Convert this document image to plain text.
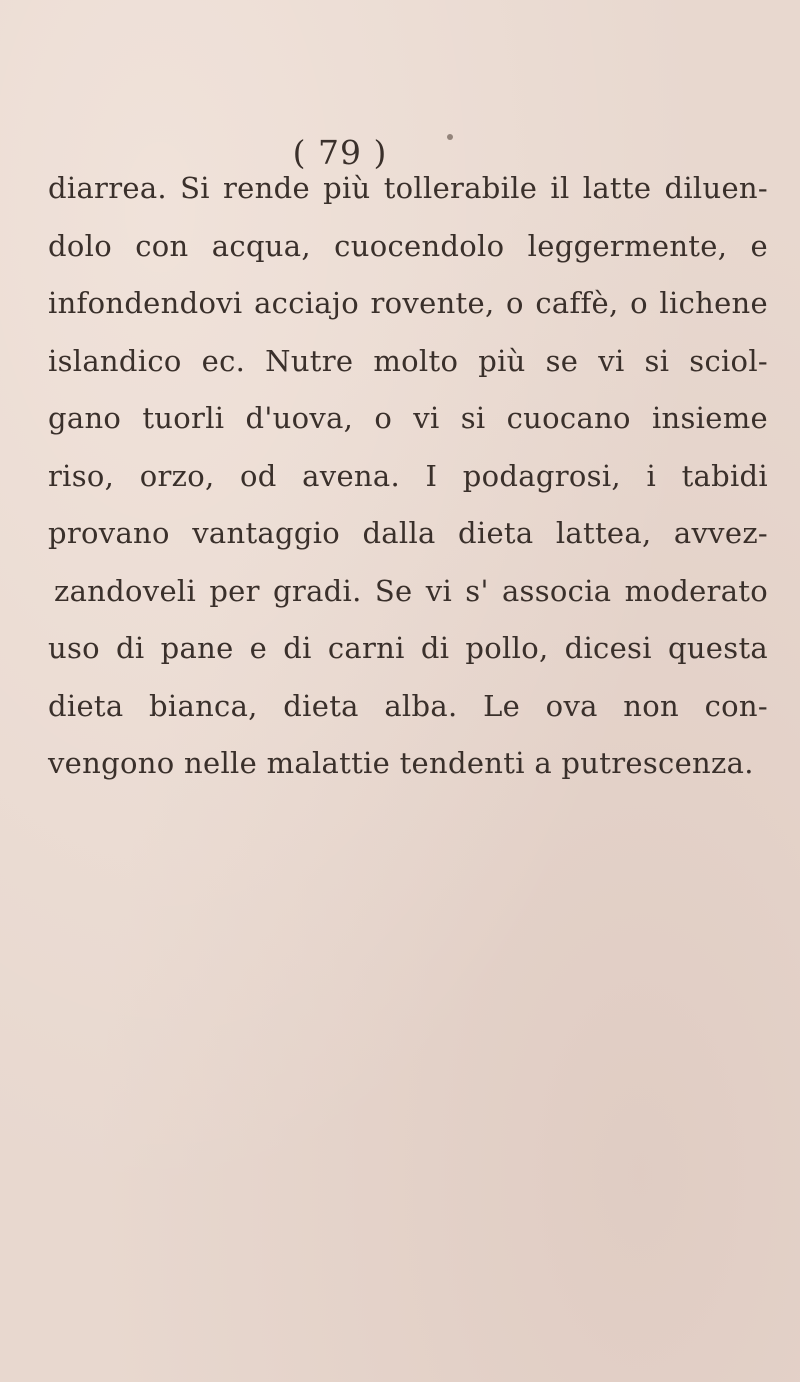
( 79 )
diarrea. Si rende più tollerabile il latte diluen-
dolo con acqua, cuocendolo leggermente, e
infondendovi acciajo rovente, o caffè, o lichene
islandico ec. Nutre molto più se vi si sciol-
gano tuorli d'uova, o vi si cuocano insieme
riso, orzo, od avena. I podagrosi, i tabidi
provano vantaggio dalla dieta lattea, avvez-
zandoveli per gradi. Se vi s' associa moderato
uso di pane e di carni di pollo, dicesi questa
dieta bianca, dieta alba. Le ova non con-
vengono nelle malattie tendenti a putrescenza.
